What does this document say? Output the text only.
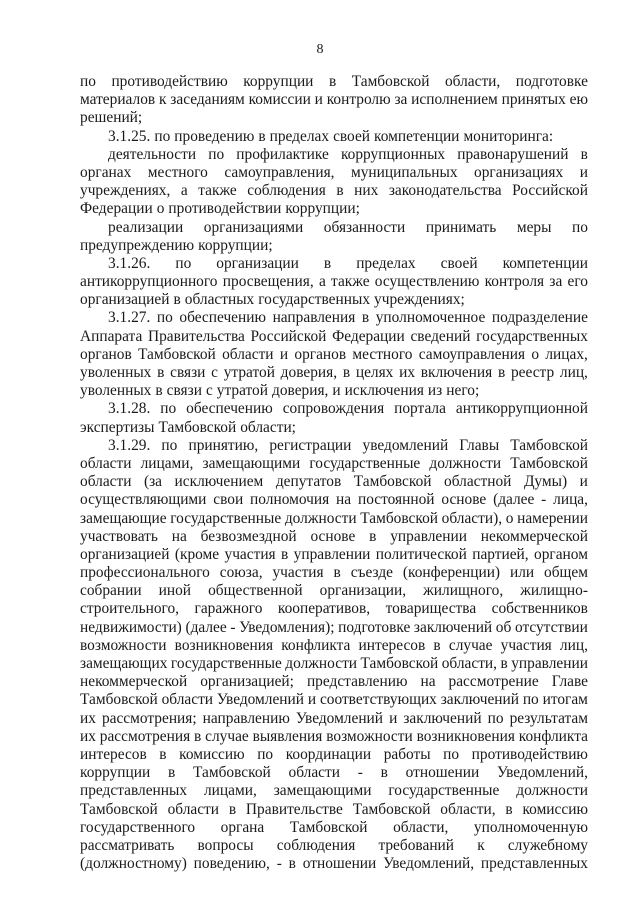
8
по противодействию коррупции в Тамбовской области, подготовке
материалов к заседаниям комиссии и контролю за исполнением принятых ею
решений;
3.1.25. по проведению в пределах своей компетенции мониторинга:
деятельности по профилактике коррупционных правонарушений в
органах местного самоуправления, муниципальных организациях и
учреждениях, а также соблюдения в них законодательства Российской
Федерации о противодействии коррупции;
реализации организациями обязанности принимать меры по
предупреждению коррупции;
3.1.26. по организации в пределах своей компетенции
антикоррупционного просвещения, а также осуществлению контроля за его
организацией в областных государственных учреждениях;
3.1.27. по обеспечению направления в уполномоченное подразделение
Аппарата Правительства Российской Федерации сведений государственных
органов Тамбовской области и органов местного самоуправления о лицах,
уволенных в связи с утратой доверия, в целях их включения в реестр лиц,
уволенных в связи с утратой доверия, и исключения из него;
3.1.28. по обеспечению сопровождения портала антикоррупционной
экспертизы Тамбовской области;
3.1.29. по принятию, регистрации уведомлений Главы Тамбовской
области лицами, замещающими государственные должности Тамбовской
области (за исключением депутатов Тамбовской областной Думы) и
осуществляющими свои полномочия на постоянной основе (далее - лица,
замещающие государственные должности Тамбовской области), о намерении
участвовать на безвозмездной основе в управлении некоммерческой
организацией (кроме участия в управлении политической партией, органом
профессионального союза, участия в съезде (конференции) или общем
собрании иной общественной организации, жилищного, жилищно-
строительного, гаражного кооперативов, товарищества собственников
недвижимости) (далее - Уведомления); подготовке заключений об отсутствии
возможности возникновения конфликта интересов в случае участия лиц,
замещающих государственные должности Тамбовской области, в управлении
некоммерческой организацией; представлению на рассмотрение Главе
Тамбовской области Уведомлений и соответствующих заключений по итогам
их рассмотрения; направлению Уведомлений и заключений по результатам
их рассмотрения в случае выявления возможности возникновения конфликта
интересов в комиссию по координации работы по противодействию
коррупции в Тамбовской области - в отношении Уведомлений,
представленных лицами, замещающими государственные должности
Тамбовской области в Правительстве Тамбовской области, в комиссию
государственного органа Тамбовской области, уполномоченную
рассматривать вопросы соблюдения требований к служебному
(должностному) поведению, - в отношении Уведомлений, представленных
